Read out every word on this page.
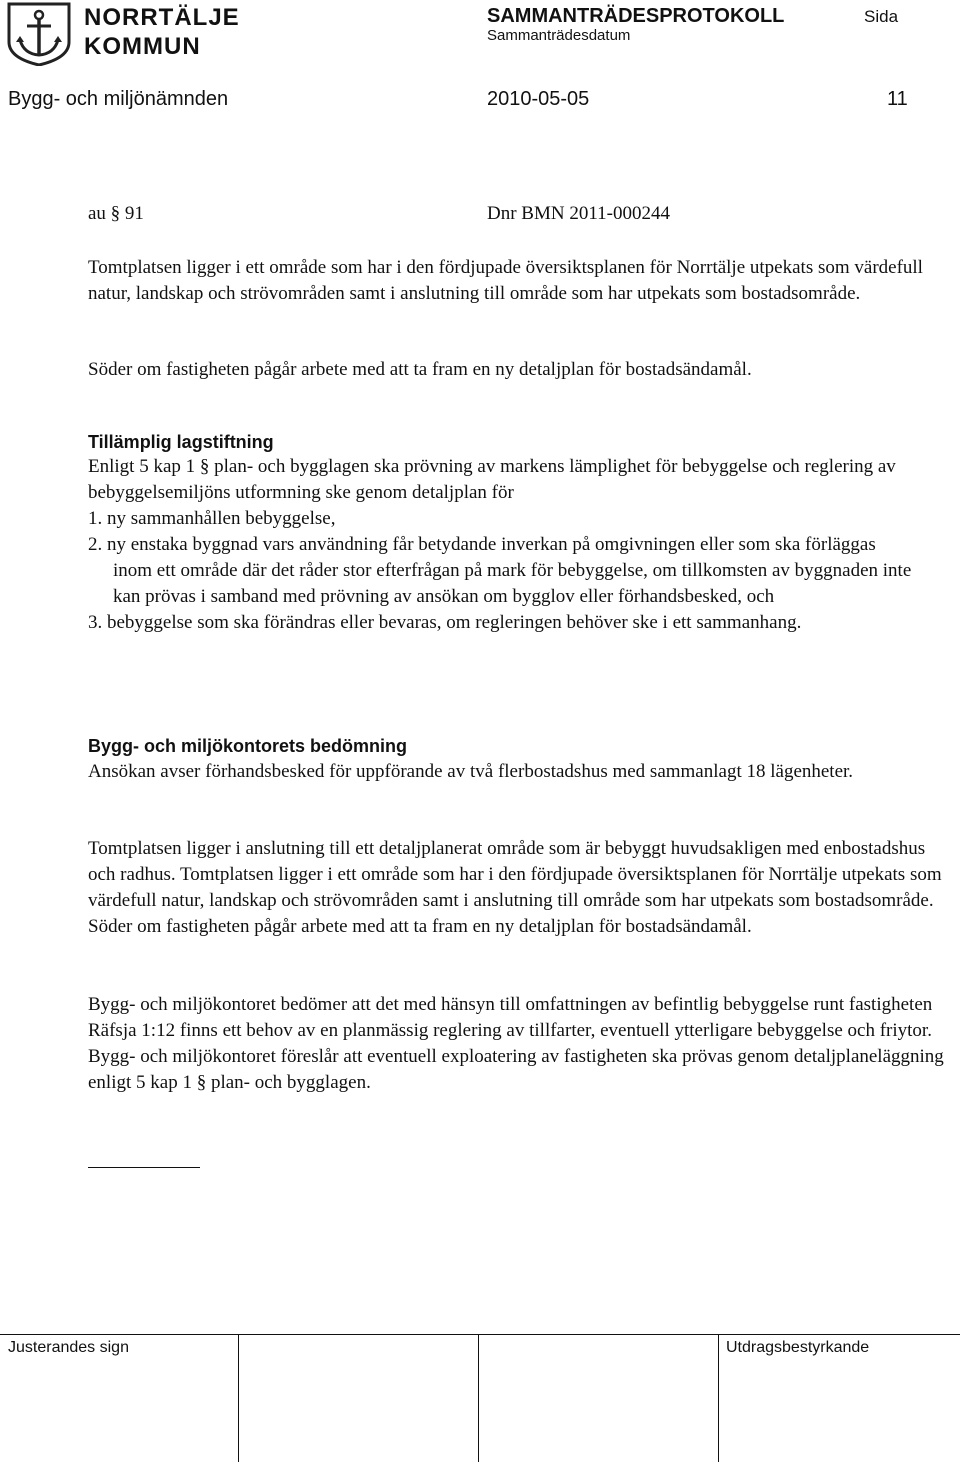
NORRTÄLJE
KOMMUN
SAMMANTRÄDESPROTOKOLL	Sida
Sammanträdesdatum
Bygg- och miljönämnden	2010-05-05	11
au § 91	Dnr BMN 2011-000244
Tomtplatsen ligger i ett område som har i den fördjupade översiktsplanen för Norrtälje utpekats som värdefull natur, landskap och strövområden samt i anslutning till område som har utpekats som bostadsområde.
Söder om fastigheten pågår arbete med att ta fram en ny detaljplan för bostadsändamål.
Tillämplig lagstiftning
Enligt 5 kap 1 § plan- och bygglagen ska prövning av markens lämplighet för bebyggelse och reglering av bebyggelsemiljöns utformning ske genom detaljplan för
1. ny sammanhållen bebyggelse,
2. ny enstaka byggnad vars användning får betydande inverkan på omgivningen eller som ska förläggas inom ett område där det råder stor efterfrågan på mark för bebyggelse, om tillkomsten av byggnaden inte kan prövas i samband med prövning av ansökan om bygglov eller förhandsbesked, och
3. bebyggelse som ska förändras eller bevaras, om regleringen behöver ske i ett sammanhang.
Bygg- och miljökontorets bedömning
Ansökan avser förhandsbesked för uppförande av två flerbostadshus med sammanlagt 18 lägenheter.
Tomtplatsen ligger i anslutning till ett detaljplanerat område som är bebyggt huvudsakligen med enbostadshus och radhus. Tomtplatsen ligger i ett område som har i den fördjupade översiktsplanen för Norrtälje utpekats som värdefull natur, landskap och strövområden samt i anslutning till område som har utpekats som bostadsområde. Söder om fastigheten pågår arbete med att ta fram en ny detaljplan för bostadsändamål.
Bygg- och miljökontoret bedömer att det med hänsyn till omfattningen av befintlig bebyggelse runt fastigheten Räfsja 1:12 finns ett behov av en planmässig reglering av tillfarter, eventuell ytterligare bebyggelse och friytor.
Bygg- och miljökontoret föreslår att eventuell exploatering av fastigheten ska prövas genom detaljplaneläggning enligt 5 kap 1 § plan- och bygglagen.
Justerandes sign	Utdragsbestyrkande
